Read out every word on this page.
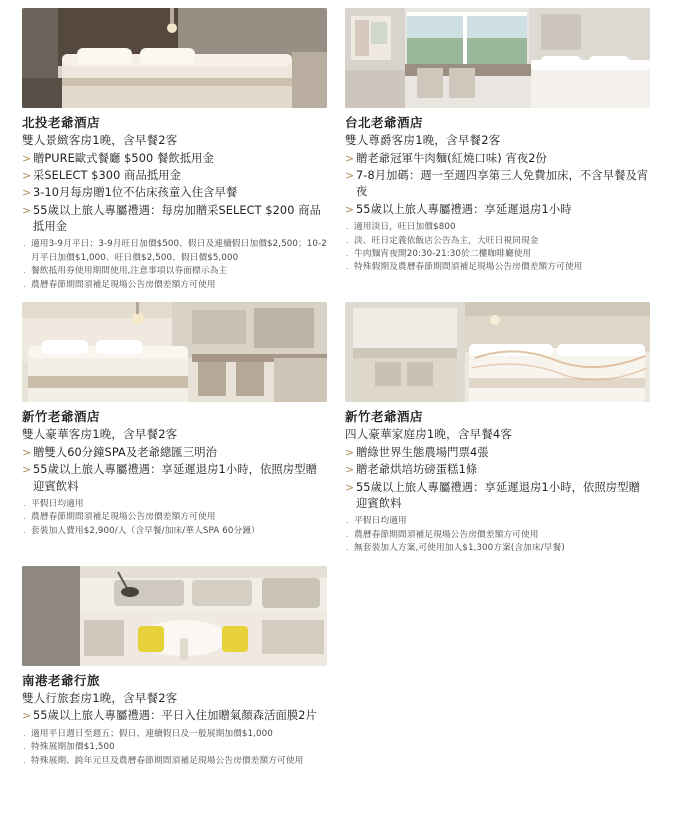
北投老爺酒店
雙人景緻客房1晚，含早餐2客
> 贈PURE歐式餐廳 $500 餐飲抵用金
> 采SELECT $300 商品抵用金
> 3-10月每房贈1位不佔床孩童入住含早餐
> 55歲以上旅人專屬禮遇：每房加贈采SELECT $200 商品抵用金
． 適用3-9月平日；3-9月旺日加價$500、假日及連續假日加價$2,500；10-2月平日加價$1,000、旺日價$2,500、假日價$5,000
． 餐飲抵用券使用期間使用,注意事項以券面標示為主
． 農曆春節期間須補足現場公告房價差額方可使用
台北老爺酒店
雙人尊爵客房1晚，含早餐2客
> 贈老爺冠軍牛肉麵(紅燒口味) 宵夜2份
> 7-8月加碼：週一至週四享第三人免費加床，不含早餐及宵夜
> 55歲以上旅人專屬禮遇：享延遲退房1小時
． 適用淡日，旺日加價$800
． 淡、旺日定義依飯店公告為主，大旺日視同現金
． 牛肉麵宵夜開20:30-21:30於二樓咖啡廳使用
． 特殊假期及農曆春節期間須補足現場公告房價差額方可使用
新竹老爺酒店
雙人豪華客房1晚，含早餐2客
> 贈雙人60分鐘SPA及老爺總匯三明治
> 55歲以上旅人專屬禮遇：享延遲退房1小時，依照房型贈迎賓飲料
． 平假日均適用
． 農曆春節期間須補足現場公告房價差額方可使用
． 套裝加人費用$2,900/人（含早餐/加床/華人SPA 60分鐘）
新竹老爺酒店
四人豪華家庭房1晚，含早餐4客
> 贈綠世界生態農場門票4張
> 贈老爺烘培坊磅蛋糕1條
> 55歲以上旅人專屬禮遇：享延遲退房1小時，依照房型贈迎賓飲料
． 平假日均適用
． 農曆春節期間須補足現場公告房價差額方可使用
． 無套裝加人方案,可使用加人$1,300方案(含加床/早餐)
南港老爺行旅
雙人行旅套房1晚，含早餐2客
> 55歲以上旅人專屬禮遇：平日入住加贈氣顏森活面膜2片
． 適用平日週日至週五；假日、連續假日及一般展期加價$1,000
． 特殊展期加價$1,500
． 特殊展期、跨年元旦及農曆春節期間須補足現場公告房價差額方可使用
